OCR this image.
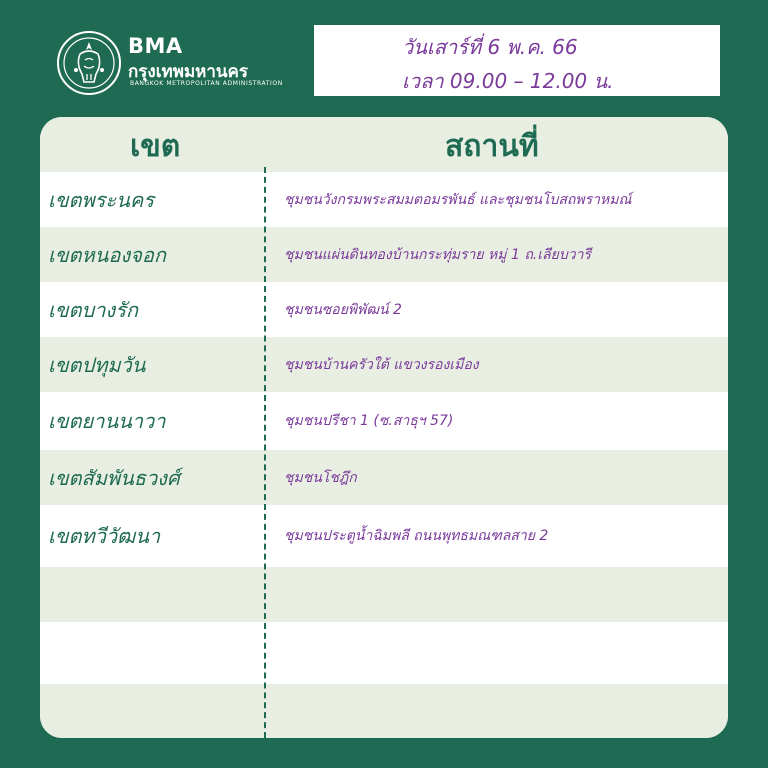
BMA
กรุงเทพมหานคร
BANGKOK METROPOLITAN ADMINISTRATION
วันเสาร์ที่ 6 พ.ค. 66
เวลา 09.00 – 12.00 น.
เขต	สถานที่
เขตพระนคร	ชุมชนวังกรมพระสมมตอมรพันธ์ และชุมชนโบสถพราหมณ์
เขตหนองจอก	ชุมชนแผ่นดินทองบ้านกระทุ่มราย หมู่ 1 ถ.เลียบวารี
เขตบางรัก	ชุมชนซอยพิพัฒน์ 2
เขตปทุมวัน	ชุมชนบ้านครัวใต้ แขวงรองเมือง
เขตยานนาวา	ชุมชนปรีชา 1 (ซ.สาธุฯ 57)
เขตสัมพันธวงศ์	ชุมชนโชฎึก
เขตทวีวัฒนา	ชุมชนประตูน้ำฉิมพลี ถนนพุทธมณฑลสาย 2
